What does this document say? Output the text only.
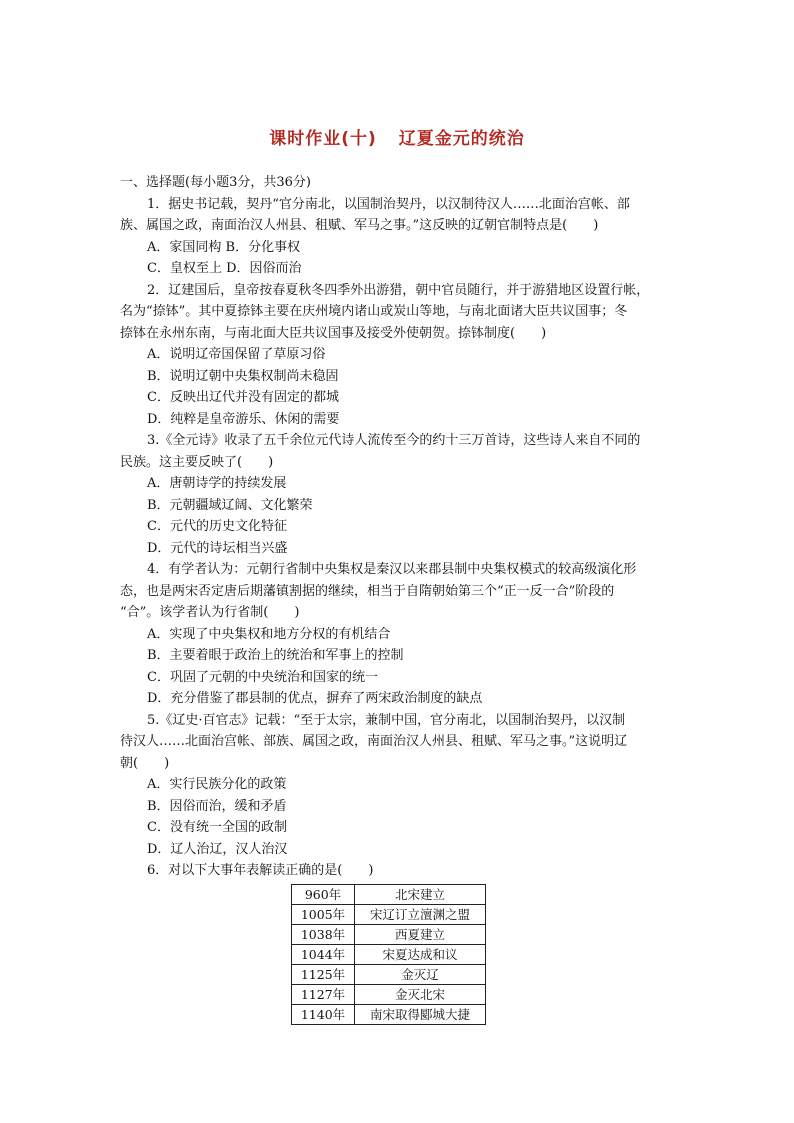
课时作业(十) 辽夏金元的统治

一、选择题(每小题3分，共36分)

1．据史书记载，契丹“官分南北，以国制治契丹，以汉制待汉人……北面治宫帐、部

族、属国之政，南面治汉人州县、租赋、军马之事。”这反映的辽朝官制特点是(　　)

A．家国同构 B．分化事权

C．皇权至上 D．因俗而治

2．辽建国后，皇帝按春夏秋冬四季外出游猎，朝中官员随行，并于游猎地区设置行帐，

名为“捺钵”。其中夏捺钵主要在庆州境内诸山或炭山等地，与南北面诸大臣共议国事；冬

捺钵在永州东南，与南北面大臣共议国事及接受外使朝贺。捺钵制度(　　)

A．说明辽帝国保留了草原习俗

B．说明辽朝中央集权制尚未稳固

C．反映出辽代并没有固定的都城

D．纯粹是皇帝游乐、休闲的需要

3.《全元诗》收录了五千余位元代诗人流传至今的约十三万首诗，这些诗人来自不同的

民族。这主要反映了(　　)

A．唐朝诗学的持续发展

B．元朝疆域辽阔、文化繁荣

C．元代的历史文化特征

D．元代的诗坛相当兴盛

4．有学者认为：元朝行省制中央集权是秦汉以来郡县制中央集权模式的较高级演化形

态，也是两宋否定唐后期藩镇割据的继续，相当于自隋朝始第三个“正一反一合”阶段的

“合”。该学者认为行省制(　　)

A．实现了中央集权和地方分权的有机结合

B．主要着眼于政治上的统治和军事上的控制

C．巩固了元朝的中央统治和国家的统一

D．充分借鉴了郡县制的优点，摒弃了两宋政治制度的缺点

5.《辽史·百官志》记载：“至于太宗，兼制中国，官分南北，以国制治契丹，以汉制

待汉人……北面治宫帐、部族、属国之政，南面治汉人州县、租赋、军马之事。”这说明辽

朝(　　)

A．实行民族分化的政策

B．因俗而治，缓和矛盾

C．没有统一全国的政制

D．辽人治辽，汉人治汉

6．对以下大事年表解读正确的是(　　)

960年	北宋建立
1005年	宋辽订立澶渊之盟
1038年	西夏建立
1044年	宋夏达成和议
1125年	金灭辽
1127年	金灭北宋
1140年	南宋取得郾城大捷
